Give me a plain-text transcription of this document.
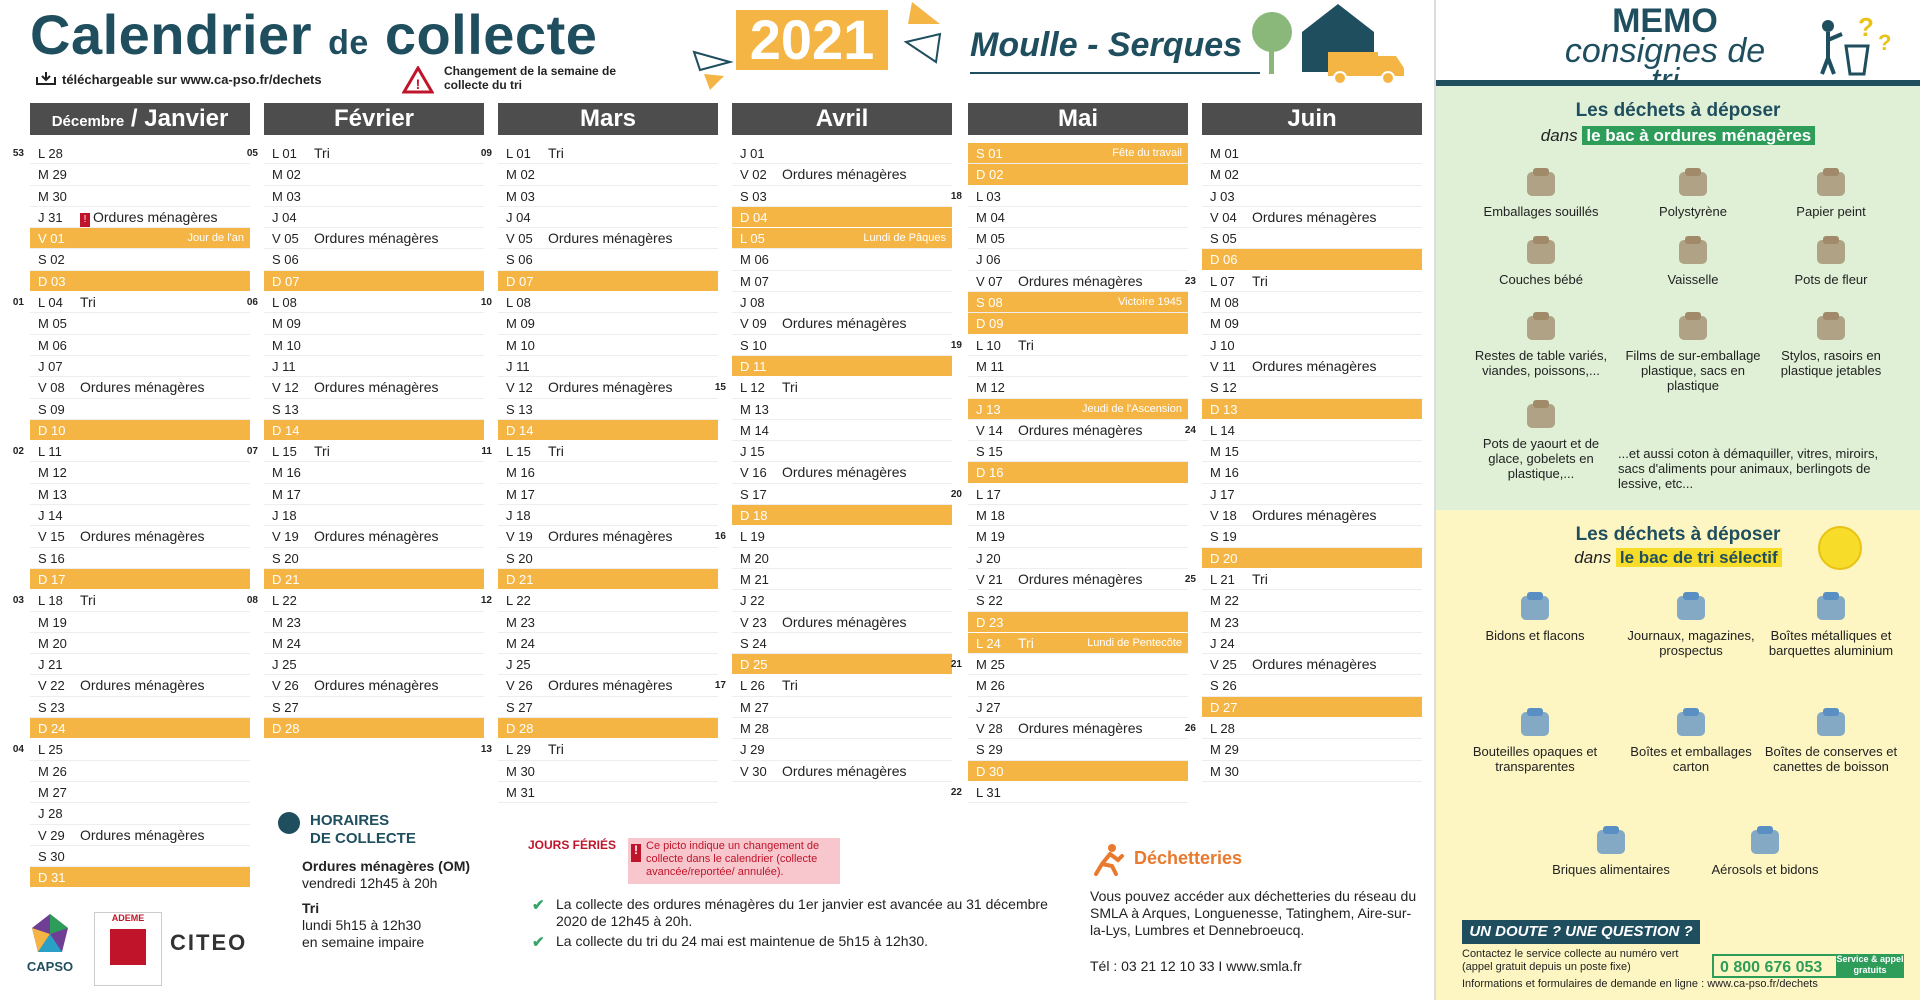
Calendrier de collecte
téléchargeable sur www.ca-pso.fr/dechets	!
Changement de la semaine de collecte du tri
2021	Moulle - Serques
Décembre / Janvier
53 L 28
M 29
M 30
J 31	! Ordures ménagères
V 01	Jour de l'an
S 02
D 03
01 L 04	Tri
M 05
M 06
J 07
V 08	Ordures ménagères
S 09
D 10
02 L 11
M 12
M 13
J 14
V 15	Ordures ménagères
S 16
D 17
03 L 18	Tri
M 19
M 20
J 21
V 22	Ordures ménagères
S 23
D 24
04 L 25
M 26
M 27
J 28
V 29	Ordures ménagères
S 30
D 31
Février
05 L 01	Tri
M 02
M 03
J 04
V 05	Ordures ménagères
S 06
D 07
06 L 08
M 09
M 10
J 11
V 12	Ordures ménagères
S 13
D 14
07 L 15	Tri
M 16
M 17
J 18
V 19	Ordures ménagères
S 20
D 21
08 L 22
M 23
M 24
J 25
V 26	Ordures ménagères
S 27
D 28
Mars
09 L 01	Tri
M 02
M 03
J 04
V 05	Ordures ménagères
S 06
D 07
10 L 08
M 09
M 10
J 11
V 12	Ordures ménagères
S 13
D 14
11 L 15	Tri
M 16
M 17
J 18
V 19	Ordures ménagères
S 20
D 21
12 L 22
M 23
M 24
J 25
V 26	Ordures ménagères
S 27
D 28
13 L 29	Tri
M 30
M 31
Avril
J 01
V 02	Ordures ménagères
S 03
D 04
14 L 05	Lundi de Pâques
M 06
M 07
J 08
V 09	Ordures ménagères
S 10
D 11
15 L 12	Tri
M 13
M 14
J 15
V 16	Ordures ménagères
S 17
D 18
16 L 19
M 20
M 21
J 22
V 23	Ordures ménagères
S 24
D 25
17 L 26	Tri
M 27
M 28
J 29
V 30	Ordures ménagères
Mai
S 01	Fête du travail
D 02
18 L 03
M 04
M 05
J 06
V 07	Ordures ménagères
S 08	Victoire 1945
D 09
19 L 10	Tri
M 11
M 12
J 13	Jeudi de l'Ascension
V 14	Ordures ménagères
S 15
D 16
20 L 17
M 18
M 19
J 20
V 21	Ordures ménagères
S 22
D 23
L 24	Tri	Lundi de Pentecôte
21 M 25
M 26
J 27
V 28	Ordures ménagères
S 29
D 30
22 L 31
Juin
M 01
M 02
J 03
V 04	Ordures ménagères
S 05
D 06
23 L 07	Tri
M 08
M 09
J 10
V 11	Ordures ménagères
S 12
D 13
24 L 14
M 15
M 16
J 17
V 18	Ordures ménagères
S 19
D 20
25 L 21	Tri
M 22
M 23
J 24
V 25	Ordures ménagères
S 26
D 27
26 L 28
M 29
M 30
HORAIRES
DE COLLECTE
Ordures ménagères (OM)
vendredi 12h45 à 20h
Tri
lundi 5h15 à 12h30
en semaine impaire
JOURS FÉRIÉS ! Ce picto indique un changement de collecte dans le calendrier (collecte avancée/reportée/ annulée).
✔ La collecte des ordures ménagères du 1er janvier est avancée au 31 décembre 2020 de 12h45 à 20h.
✔ La collecte du tri du 24 mai est maintenue de 5h15 à 12h30.
Déchetteries
Vous pouvez accéder aux déchetteries du réseau du SMLA à Arques, Longuenesse, Tatinghem, Aire-sur-la-Lys, Lumbres et Dennebroeucq.
Tél : 03 21 12 10 33 I www.smla.fr
CAPSO
ADEME
CITEO
MEMO
consignes de
?
?
Les déchets à déposer
dans le bac à ordures ménagères
Emballages souillés	Polystyrène	Papier peint
Couches bébé	Vaisselle	Pots de fleur
Restes de table variés, viandes, poissons,...
Films de sur-emballage plastique, sacs en plastique
Stylos, rasoirs en plastique jetables
Pots de yaourt et de glace, gobelets en plastique,...
...et aussi coton à démaquiller, vitres, miroirs, sacs d'aliments pour animaux, berlingots de lessive, etc...
Les déchets à déposer
dans le bac de tri sélectif
Bidons et flacons	Journaux, magazines, prospectus
Boîtes métalliques et barquettes aluminium
Bouteilles opaques et transparentes
Boîtes et emballages carton
Boîtes de conserves et canettes de boisson
Briques alimentaires	Aérosols et bidons
UN DOUTE ? UNE QUESTION ?
Contactez le service collecte au numéro vert (appel gratuit depuis un poste fixe)
Informations et formulaires de demande en ligne : www.ca-pso.fr/dechets
0 800 676 053	Service & appel gratuits
